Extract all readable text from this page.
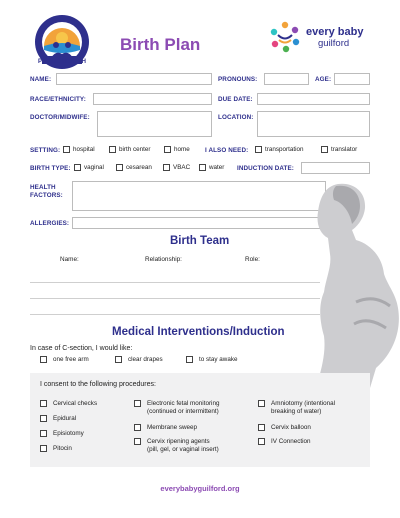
PUBLIC HEALTH
Birth Plan
every baby
guilford
NAME:	PRONOUNS:	AGE:
RACE/ETHNICITY:	DUE DATE:
DOCTOR/MIDWIFE:	LOCATION:
SETTING: hospital	birth center	home I ALSO NEED:	transportation	translator
BIRTH TYPE: vaginal	cesarean	VBAC	water INDUCTION DATE:
HEALTH
FACTORS:
ALLERGIES:
Birth Team
Name:	Relationship:	Role:
Medical Interventions/Induction
In case of C-section, I would like:
one free arm	clear drapes	to stay awake
I consent to the following procedures:
Cervical checks
Epidural
Episiotomy
Pitocin
Electronic fetal monitoring
(continued or intermittent)
Membrane sweep
Cervix ripening agents
(pill, gel, or vaginal insert)
Amniotomy (intentional
breaking of water)
Cervix balloon
IV Connection
everybabyguilford.org
